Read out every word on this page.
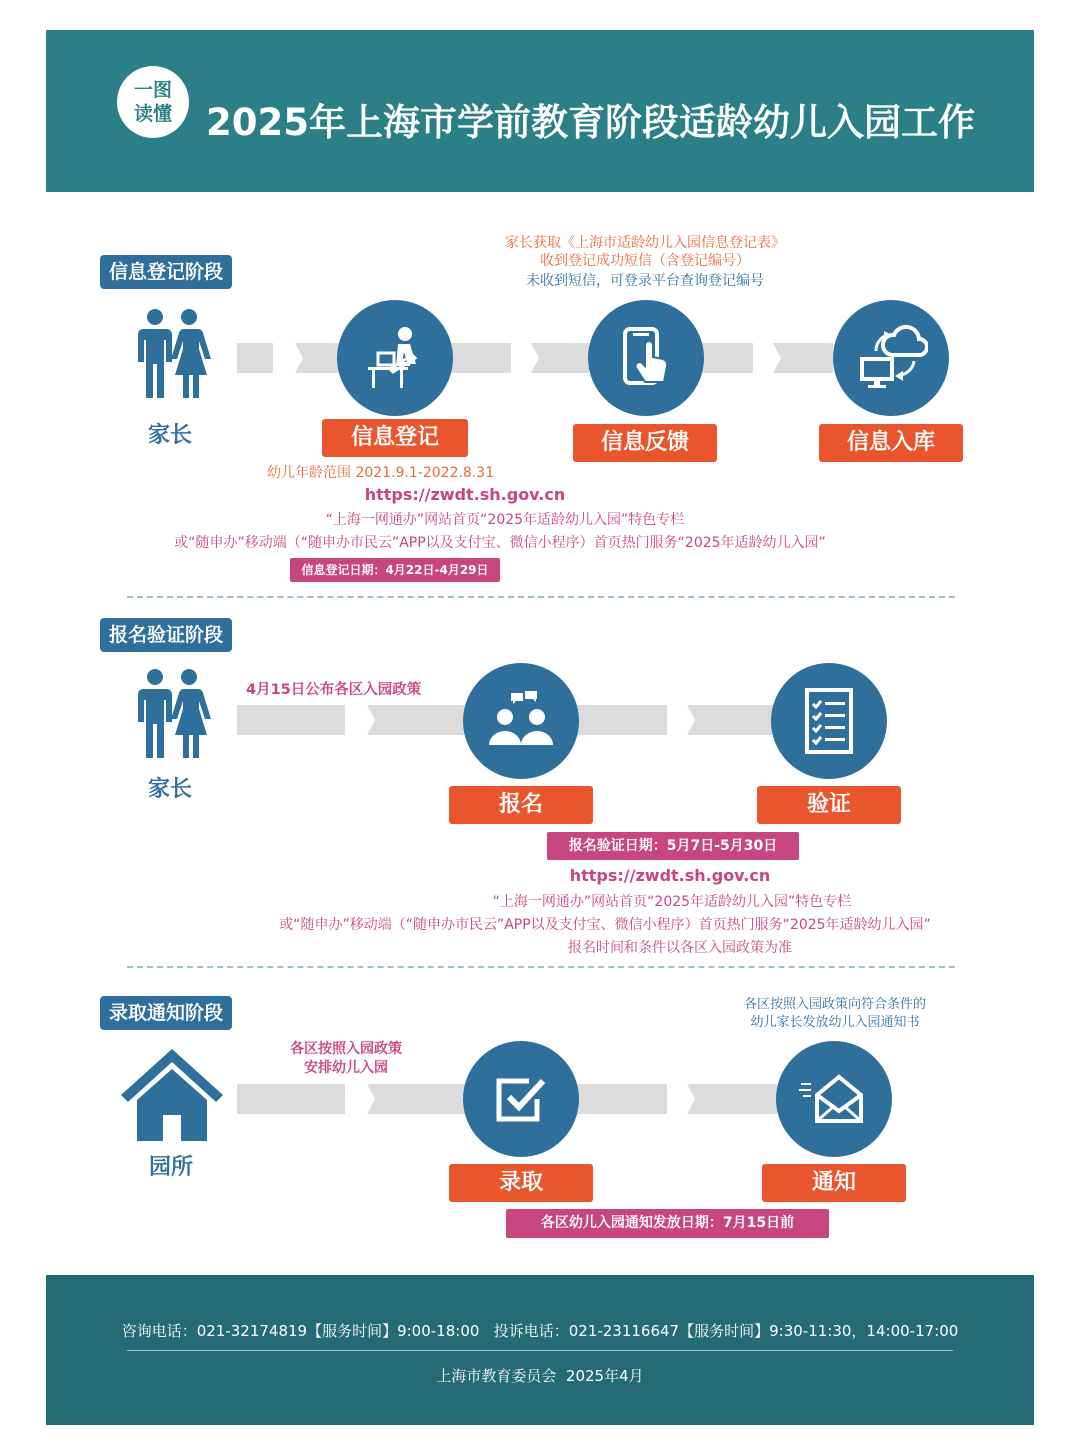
一图
读懂 2025年上海市学前教育阶段适龄幼儿入园工作
信息登记阶段
家长获取《上海市适龄幼儿入园信息登记表》
收到登记成功短信（含登记编号）
未收到短信，可登录平台查询登记编号
家长	信息登记	信息反馈	信息入库
幼儿年龄范围 2021.9.1-2022.8.31
https://zwdt.sh.gov.cn
“上海一网通办”网站首页“2025年适龄幼儿入园”特色专栏
或“随申办”移动端（“随申办市民云”APP以及支付宝、微信小程序）首页热门服务“2025年适龄幼儿入园”
信息登记日期：4月22日-4月29日
报名验证阶段
家长
4月15日公布各区入园政策
报名	验证
报名验证日期：5月7日-5月30日
https://zwdt.sh.gov.cn
“上海一网通办”网站首页“2025年适龄幼儿入园”特色专栏
或“随申办”移动端（“随申办市民云”APP以及支付宝、微信小程序）首页热门服务“2025年适龄幼儿入园”
报名时间和条件以各区入园政策为准
录取通知阶段
园所
各区按照入园政策
安排幼儿入园
各区按照入园政策向符合条件的
幼儿家长发放幼儿入园通知书
录取	通知
各区幼儿入园通知发放日期：7月15日前
咨询电话：021-32174819【服务时间】9:00-18:00   投诉电话：021-23116647【服务时间】9:30-11:30，14:00-17:00
上海市教育委员会  2025年4月
